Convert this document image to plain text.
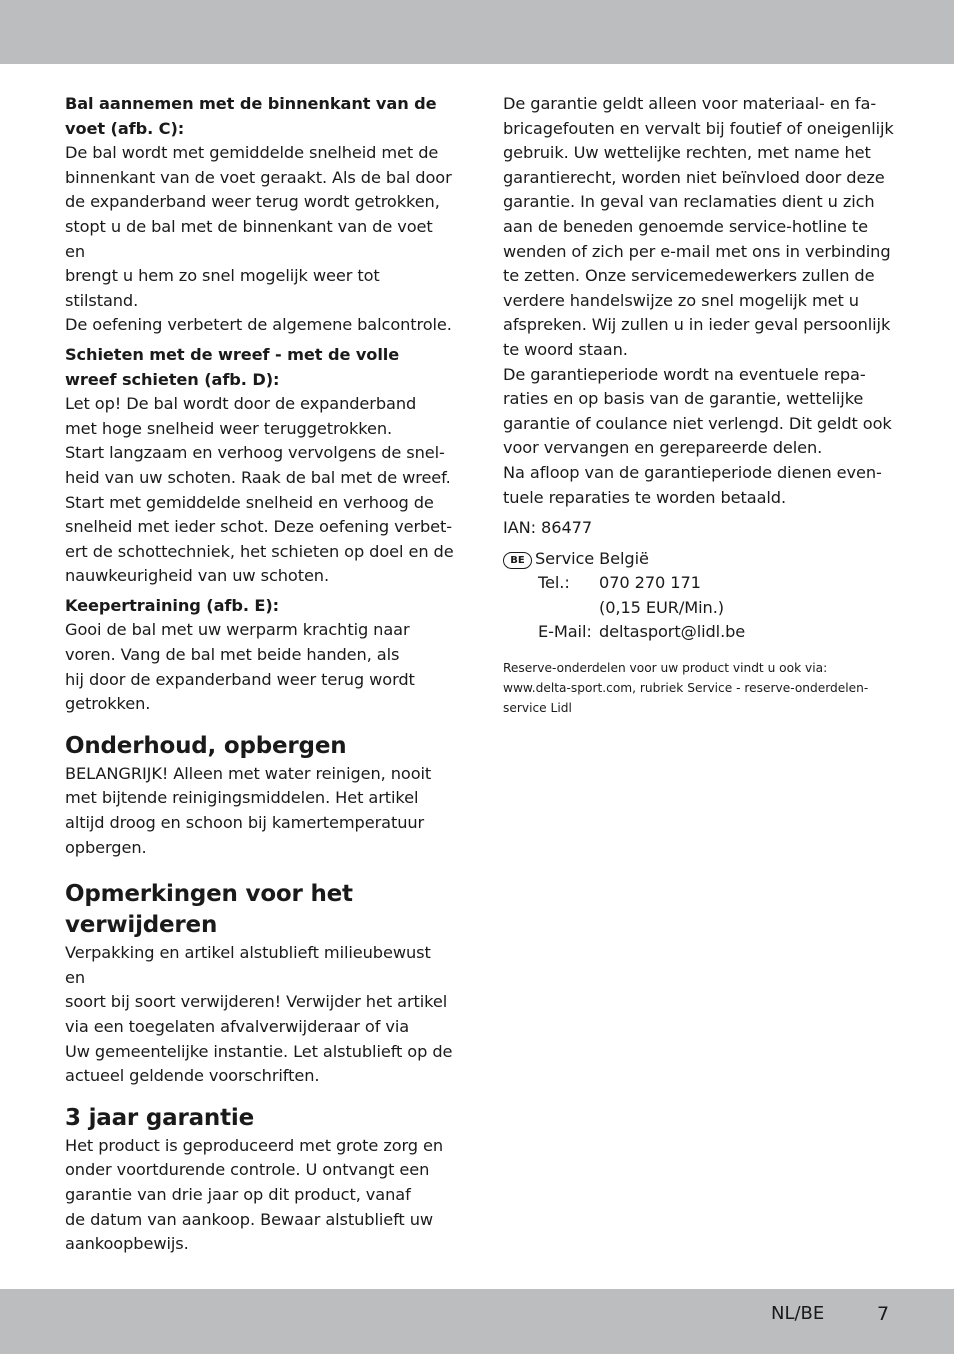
Bal aannemen met de binnenkant van de voet (afb. C):

De bal wordt met gemiddelde snelheid met de

binnenkant van de voet geraakt. Als de bal door

de expanderband weer terug wordt getrokken,

stopt u de bal met de binnenkant van de voet en

brengt u hem zo snel mogelijk weer tot stilstand.

De oefening verbetert de algemene balcontrole.

Schieten met de wreef - met de volle wreef schieten (afb. D):

Let op! De bal wordt door de expanderband

met hoge snelheid weer teruggetrokken.

Start langzaam en verhoog vervolgens de snel-

heid van uw schoten. Raak de bal met de wreef.

Start met gemiddelde snelheid en verhoog de

snelheid met ieder schot. Deze oefening verbet-

ert de schottechniek, het schieten op doel en de

nauwkeurigheid van uw schoten.

Keepertraining (afb. E):

Gooi de bal met uw werparm krachtig naar

voren. Vang de bal met beide handen, als

hij door de expanderband weer terug wordt

getrokken.

Onderhoud, opbergen

BELANGRIJK! Alleen met water reinigen, nooit

met bijtende reinigingsmiddelen. Het artikel

altijd droog en schoon bij kamertemperatuur

opbergen.

Opmerkingen voor het
verwijderen

Verpakking en artikel alstublieft milieubewust en

soort bij soort verwijderen! Verwijder het artikel

via een toegelaten afvalverwijderaar of via

Uw gemeentelijke instantie. Let alstublieft op de

actueel geldende voorschriften.

3 jaar garantie

Het product is geproduceerd met grote zorg en

onder voortdurende controle. U ontvangt een

garantie van drie jaar op dit product, vanaf

de datum van aankoop. Bewaar alstublieft uw

aankoopbewijs.

De garantie geldt alleen voor materiaal- en fa-

bricagefouten en vervalt bij foutief of oneigenlijk

gebruik. Uw wettelijke rechten, met name het

garantierecht, worden niet beïnvloed door deze

garantie. In geval van reclamaties dient u zich

aan de beneden genoemde service-hotline te

wenden of zich per e-mail met ons in verbinding

te zetten. Onze servicemedewerkers zullen de

verdere handelswijze zo snel mogelijk met u

afspreken. Wij zullen u in ieder geval persoonlijk

te woord staan.

De garantieperiode wordt na eventuele repa-

raties en op basis van de garantie, wettelijke

garantie of coulance niet verlengd. Dit geldt ook

voor vervangen en gerepareerde delen.

Na afloop van de garantieperiode dienen even-

tuele reparaties te worden betaald.

IAN: 86477

BE Service België
Tel.: 070 270 171
(0,15 EUR/Min.)
E-Mail: deltasport@lidl.be

Reserve-onderdelen voor uw product vindt u ook via:

www.delta-sport.com, rubriek Service - reserve-onderdelen-

service Lidl

NL/BE	7
